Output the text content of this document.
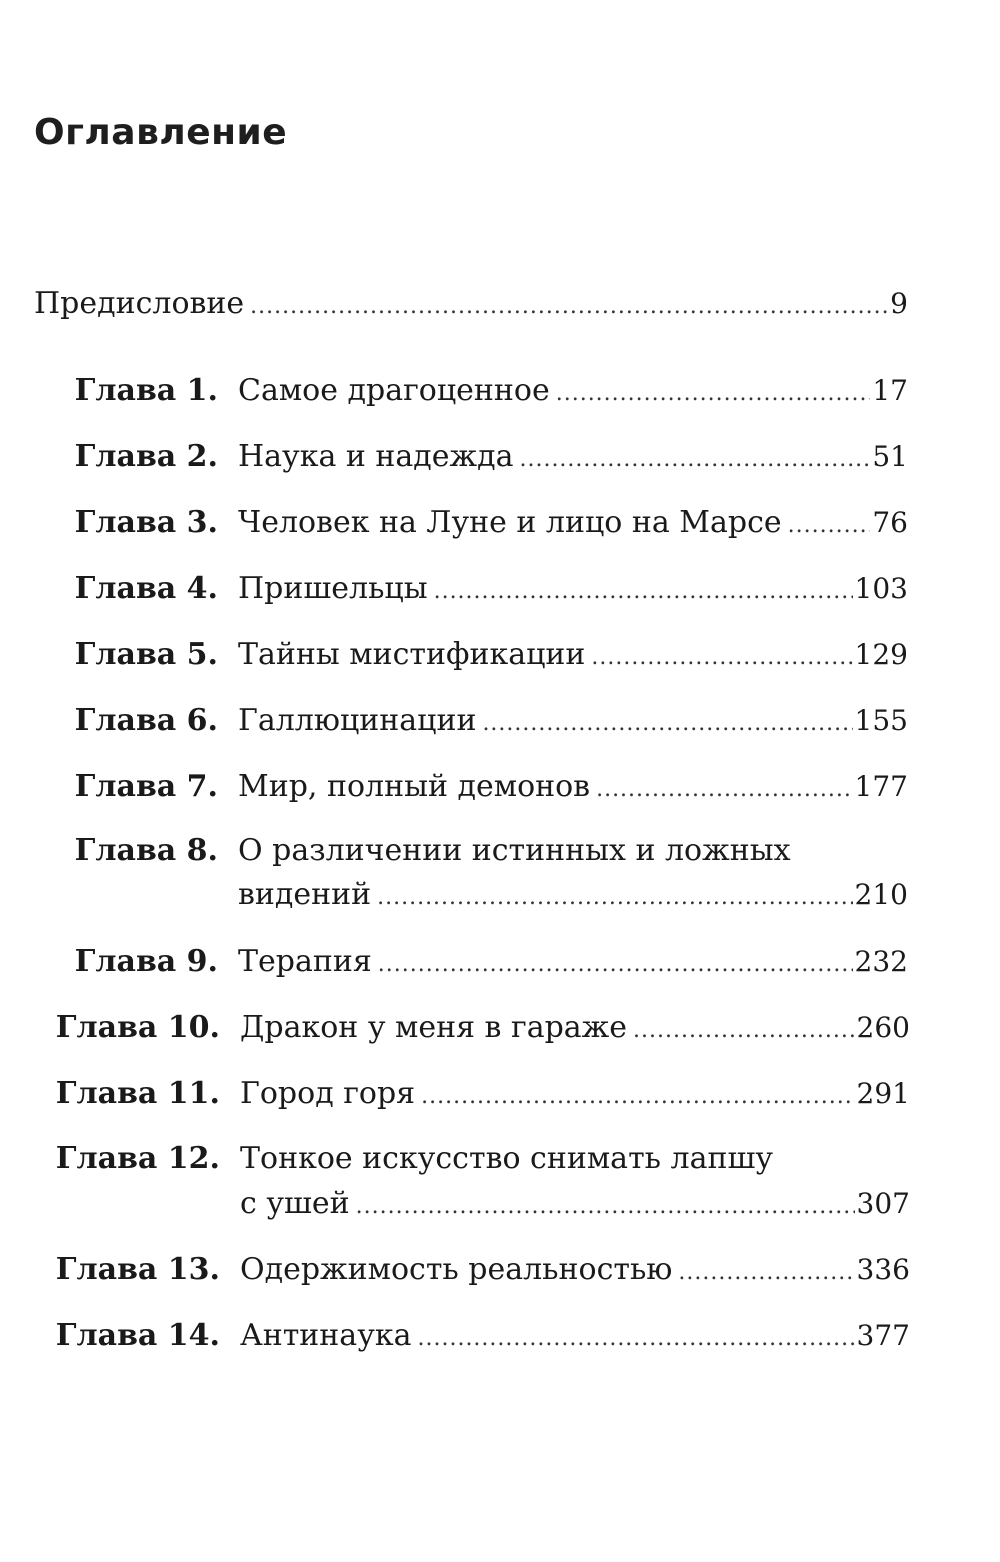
Оглавление
Предисловие .....	9
Глава 1. Самое драгоценное .....	17
Глава 2. Наука и надежда .....	51
Глава 3. Человек на Луне и лицо на Марсе .....	76
Глава 4. Пришельцы .....	103
Глава 5. Тайны мистификации .....	129
Глава 6. Галлюцинации .....	155
Глава 7. Мир, полный демонов .....	177
Глава 8. О различении истинных и ложных
видений .....	210
Глава 9. Терапия .....	232
Глава 10. Дракон у меня в гараже .....	260
Глава 11. Город горя .....	291
Глава 12. Тонкое искусство снимать лапшу
с ушей .....	307
Глава 13. Одержимость реальностью .....	336
Глава 14. Антинаука .....	377
